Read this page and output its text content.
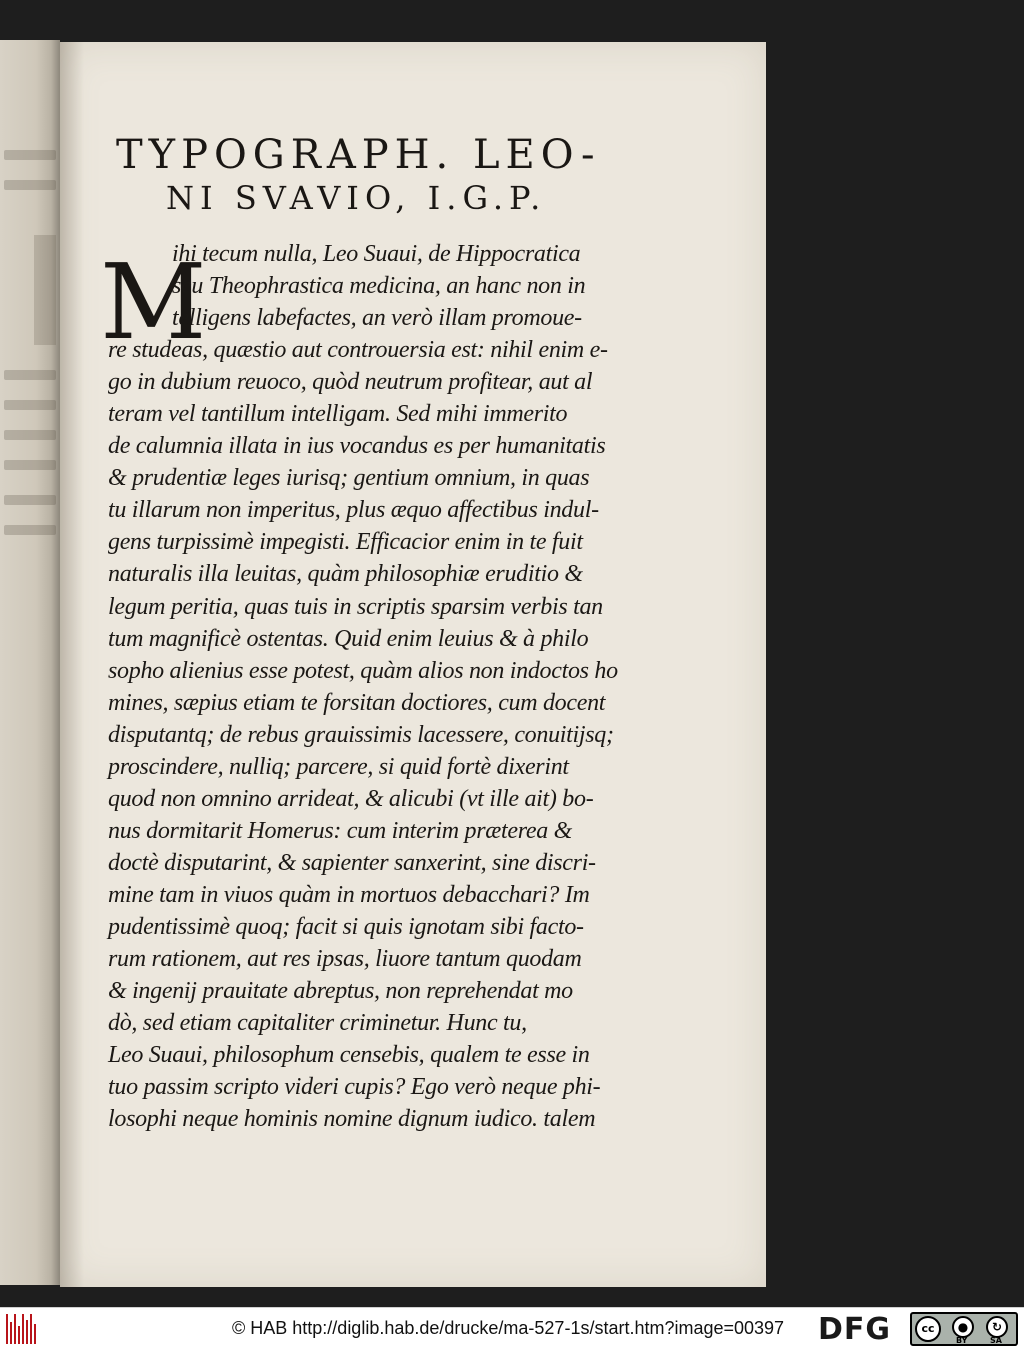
TYPOGRAPH. LEO-
NI SVAVIO, I.G.P.
M
ihi tecum nulla, Leo Suaui, de Hippocratica
seu Theophrastica medicina, an hanc non in
telligens labefactes, an verò illam promoue-
re studeas, quæstio aut controuersia est: nihil enim e-
go in dubium reuoco, quòd neutrum profitear, aut al
teram vel tantillum intelligam. Sed mihi immerito
de calumnia illata in ius vocandus es per humanitatis
& prudentiæ leges iurisq; gentium omnium, in quas
tu illarum non imperitus, plus æquo affectibus indul-
gens turpissimè impegisti. Efficacior enim in te fuit
naturalis illa leuitas, quàm philosophiæ eruditio &
legum peritia, quas tuis in scriptis sparsim verbis tan
tum magnificè ostentas. Quid enim leuius & à philo
sopho alienius esse potest, quàm alios non indoctos ho
mines, sæpius etiam te forsitan doctiores, cum docent
disputantq; de rebus grauissimis lacessere, conuitijsq;
proscindere, nulliq; parcere, si quid fortè dixerint
quod non omnino arrideat, & alicubi (vt ille ait) bo-
nus dormitarit Homerus: cum interim præterea &
doctè disputarint, & sapienter sanxerint, sine discri-
mine tam in viuos quàm in mortuos debacchari? Im
pudentissimè quoq; facit si quis ignotam sibi facto-
rum rationem, aut res ipsas, liuore tantum quodam
& ingenij prauitate abreptus, non reprehendat mo
dò, sed etiam capitaliter criminetur. Hunc tu,
Leo Suaui, philosophum censebis, qualem te esse in
tuo passim scripto videri cupis? Ego verò neque phi-
losophi neque hominis nomine dignum iudico. talem
© HAB http://diglib.hab.de/drucke/ma-527-1s/start.htm?image=00397 DFG	cc	●	↻
BY	SA
